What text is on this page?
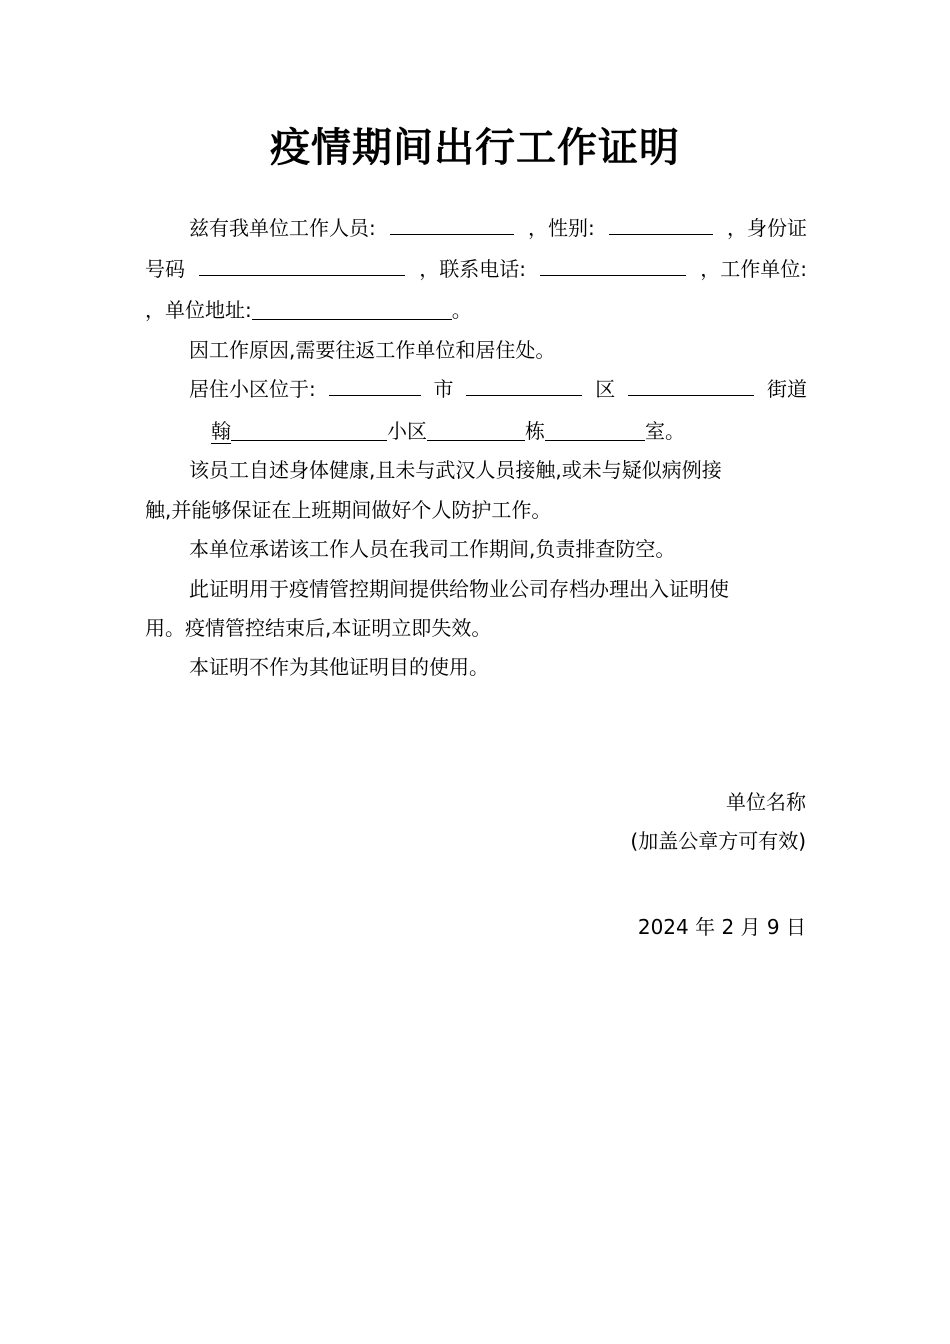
疫情期间出行工作证明
兹有我单位工作人员:	，性别:	，身份证
号码	，联系电话:	，工作单位:
，单位地址:	。
因工作原因,需要往返工作单位和居住处。
居住小区位于:	市	区	街道
翰	小区	栋	室。
该员工自述身体健康,且未与武汉人员接触,或未与疑似病例接
触,并能够保证在上班期间做好个人防护工作。
本单位承诺该工作人员在我司工作期间,负责排查防空。
此证明用于疫情管控期间提供给物业公司存档办理出入证明使
用。疫情管控结束后,本证明立即失效。
本证明不作为其他证明目的使用。
单位名称
(加盖公章方可有效)
2024 年 2 月 9 日
